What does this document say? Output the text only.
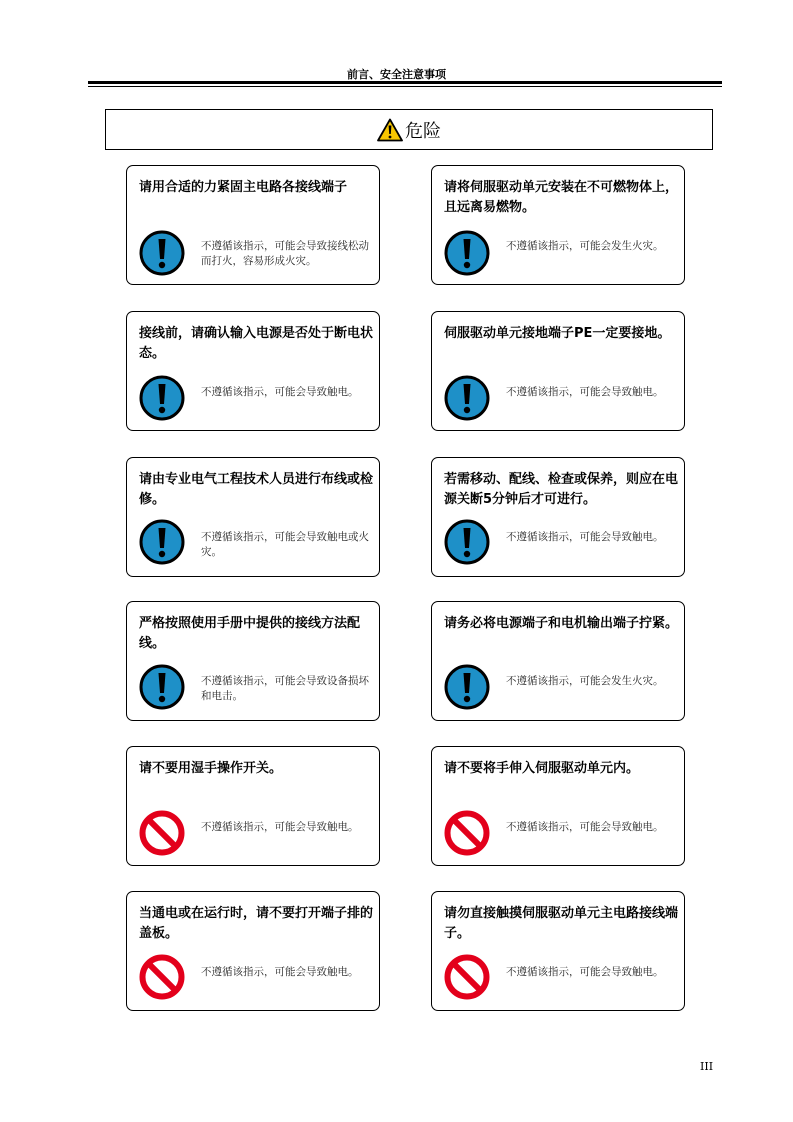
前言、安全注意事项
危险
请用合适的力紧固主电路各接线端子
不遵循该指示，可能会导致接线松动而打火，容易形成火灾。
请将伺服驱动单元安装在不可燃物体上，且远离易燃物。
不遵循该指示，可能会发生火灾。
接线前，请确认输入电源是否处于断电状态。
不遵循该指示，可能会导致触电。
伺服驱动单元接地端子PE一定要接地。
不遵循该指示，可能会导致触电。
请由专业电气工程技术人员进行布线或检修。
不遵循该指示，可能会导致触电或火灾。
若需移动、配线、检查或保养，则应在电源关断5分钟后才可进行。
不遵循该指示，可能会导致触电。
严格按照使用手册中提供的接线方法配线。
不遵循该指示，可能会导致设备损坏和电击。
请务必将电源端子和电机输出端子拧紧。
不遵循该指示，可能会发生火灾。
请不要用湿手操作开关。
不遵循该指示，可能会导致触电。
请不要将手伸入伺服驱动单元内。
不遵循该指示，可能会导致触电。
当通电或在运行时，请不要打开端子排的盖板。
不遵循该指示，可能会导致触电。
请勿直接触摸伺服驱动单元主电路接线端子。
不遵循该指示，可能会导致触电。
III
